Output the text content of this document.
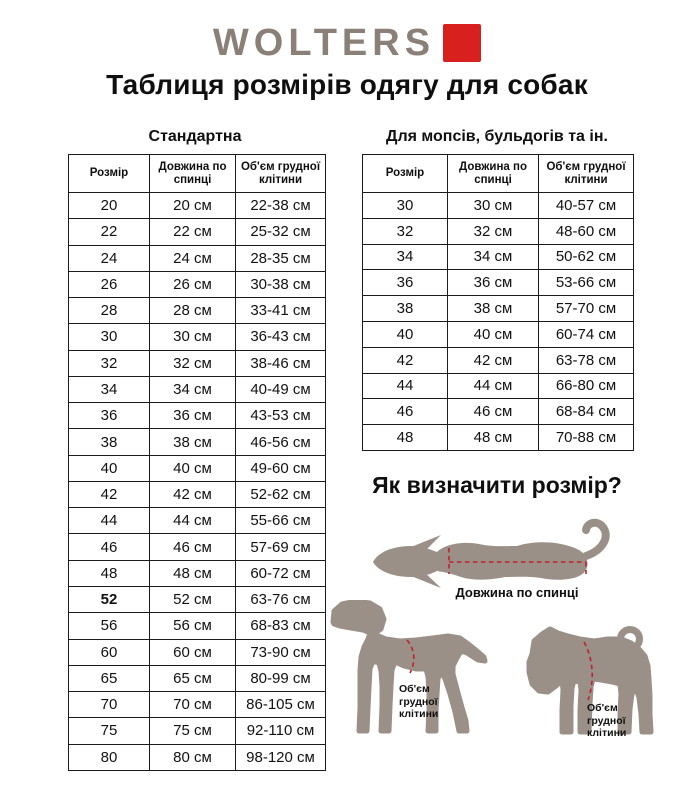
WOLTERS
Таблиця розмірів одягу для собак
Стандартна	Для мопсів, бульдогів та ін.
Розмір	Довжина по спинці	Об'єм грудної клітини
20	20 см	22-38 см
22	22 см	25-32 см
24	24 см	28-35 см
26	26 см	30-38 см
28	28 см	33-41 см
30	30 см	36-43 см
32	32 см	38-46 см
34	34 см	40-49 см
36	36 см	43-53 см
38	38 см	46-56 см
40	40 см	49-60 см
42	42 см	52-62 см
44	44 см	55-66 см
46	46 см	57-69 см
48	48 см	60-72 см
52	52 см	63-76 см
56	56 см	68-83 см
60	60 см	73-90 см
65	65 см	80-99 см
70	70 см	86-105 см
75	75 см	92-110 см
80	80 см	98-120 см
Розмір	Довжина по спинці	Об'єм грудної клітини
30	30 см	40-57 см
32	32 см	48-60 см
34	34 см	50-62 см
36	36 см	53-66 см
38	38 см	57-70 см
40	40 см	60-74 см
42	42 см	63-78 см
44	44 см	66-80 см
46	46 см	68-84 см
48	48 см	70-88 см
Як визначити розмір?
Довжина по спинці
Об'єм
грудної
клітини	Об'єм
грудної
клітини
